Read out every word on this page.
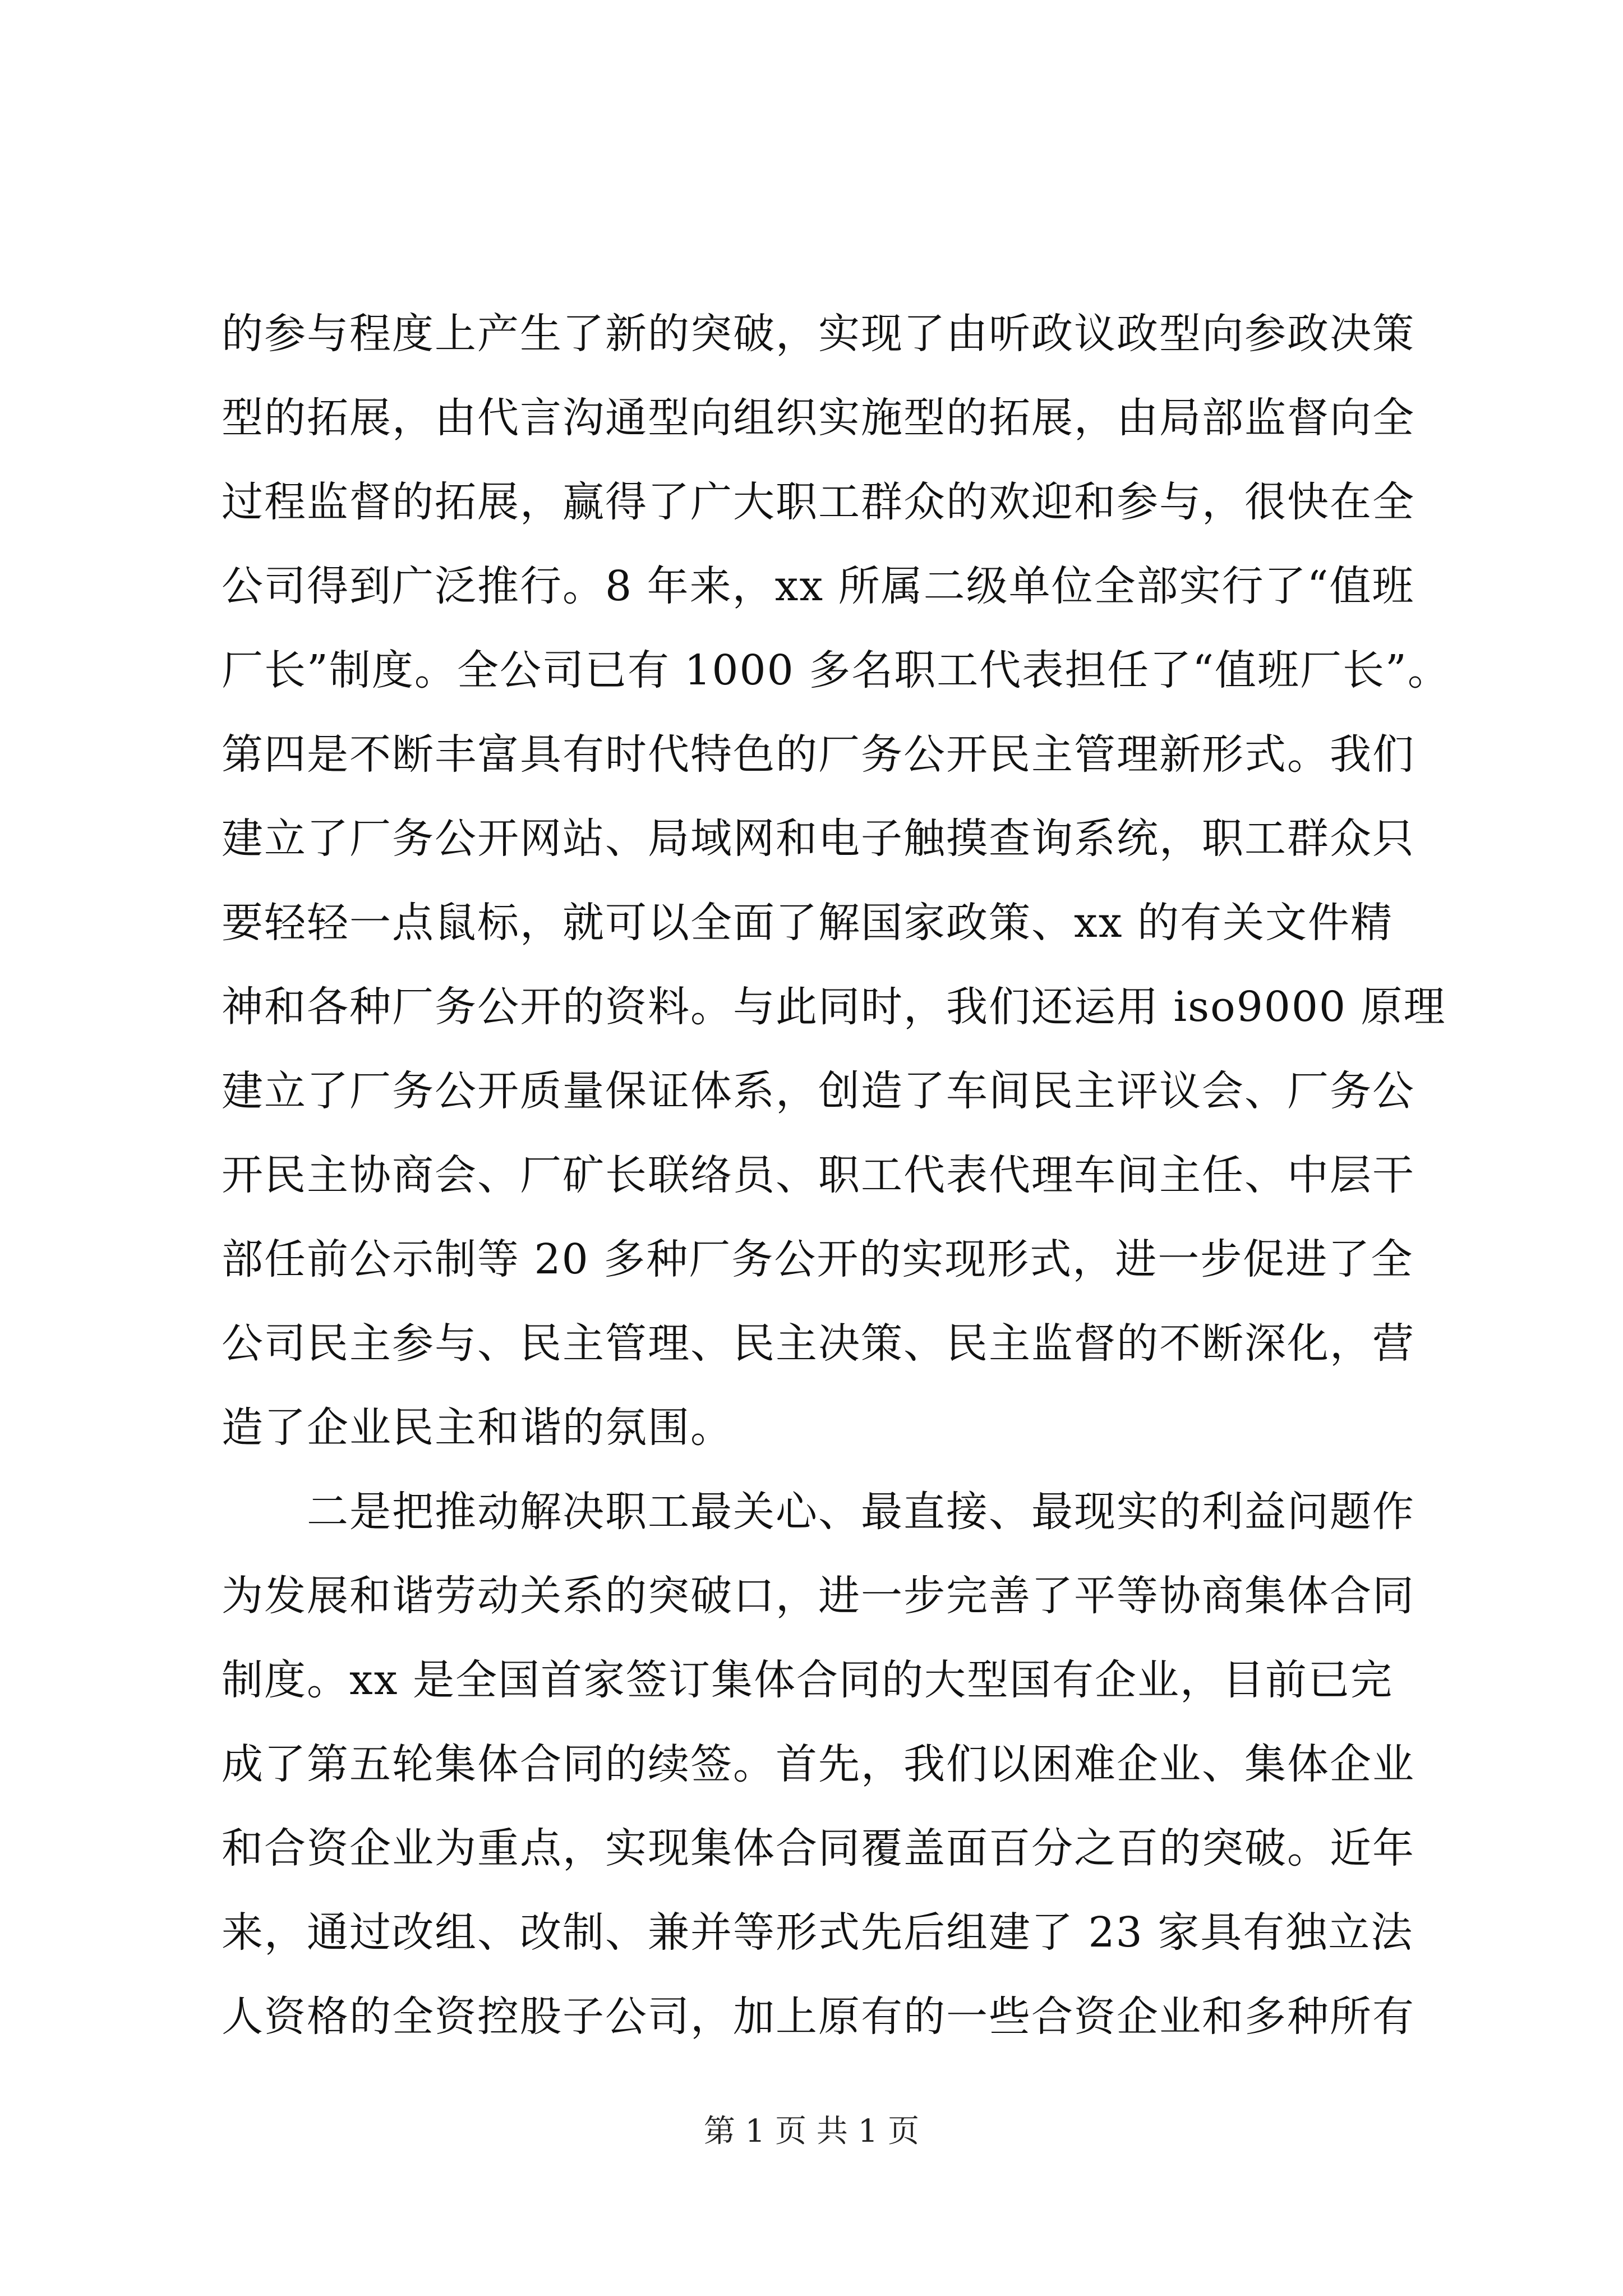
的参与程度上产生了新的突破，实现了由听政议政型向参政决策
型的拓展，由代言沟通型向组织实施型的拓展，由局部监督向全
过程监督的拓展，赢得了广大职工群众的欢迎和参与，很快在全
公司得到广泛推行。8 年来，xx 所属二级单位全部实行了“值班
厂长”制度。全公司已有 1000 多名职工代表担任了“值班厂长”。
第四是不断丰富具有时代特色的厂务公开民主管理新形式。我们
建立了厂务公开网站、局域网和电子触摸查询系统，职工群众只
要轻轻一点鼠标，就可以全面了解国家政策、xx 的有关文件精
神和各种厂务公开的资料。与此同时，我们还运用 iso9000 原理
建立了厂务公开质量保证体系，创造了车间民主评议会、厂务公
开民主协商会、厂矿长联络员、职工代表代理车间主任、中层干
部任前公示制等 20 多种厂务公开的实现形式，进一步促进了全
公司民主参与、民主管理、民主决策、民主监督的不断深化，营
造了企业民主和谐的氛围。
二是把推动解决职工最关心、最直接、最现实的利益问题作
为发展和谐劳动关系的突破口，进一步完善了平等协商集体合同
制度。xx 是全国首家签订集体合同的大型国有企业，目前已完
成了第五轮集体合同的续签。首先，我们以困难企业、集体企业
和合资企业为重点，实现集体合同覆盖面百分之百的突破。近年
来，通过改组、改制、兼并等形式先后组建了 23 家具有独立法
人资格的全资控股子公司，加上原有的一些合资企业和多种所有
第 1 页 共 1 页
